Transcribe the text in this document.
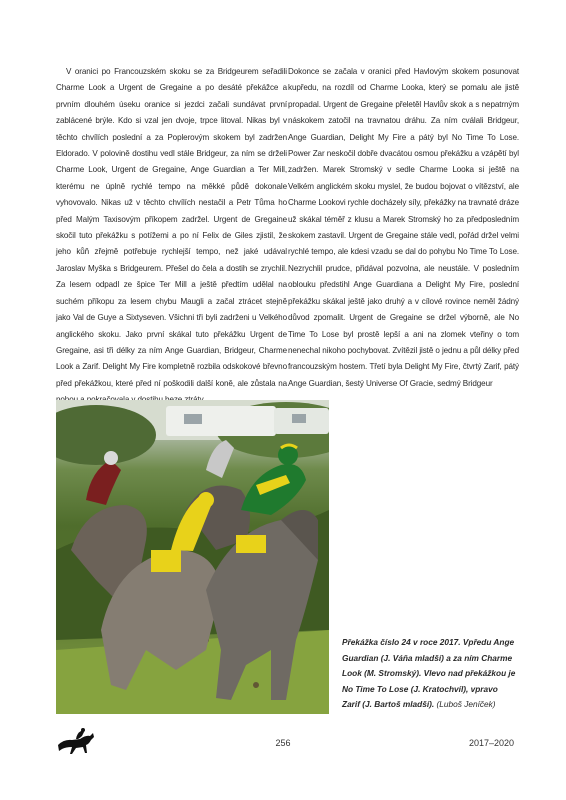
V oranici po Francouzském skoku se za Bridgeurem seřadili Charme Look a Urgent de Gregaine a po desáté překážce a prvním dlouhém úseku oranice si jezdci začali sundávat první zablácené brýle. Kdo si vzal jen dvoje, trpce litoval. Nikas byl v těchto chvílích poslední a za Poplerovým skokem byl zadržen Eldorado. V polovině dostihu vedl stále Bridgeur, za ním se drželi Charme Look, Urgent de Gregaine, Ange Guardian a Ter Mill, kterému ne úplně rychlé tempo na měkké půdě dokonale vyhovovalo. Nikas už v těchto chvílích nestačil a Petr Tůma ho před Malým Taxisovým příkopem zadržel. Urgent de Gregaine skočil tuto překážku s potížemi a po ní Felix de Giles zjistil, že jeho kůň zřejmě potřebuje rychlejší tempo, než jaké udával Jaroslav Myška s Bridgeurem. Přešel do čela a dostih se zrychlil. Za lesem odpadl ze špice Ter Mill a ještě předtím udělal na suchém příkopu za lesem chybu Maugli a začal ztrácet stejně jako Val de Guye a Sixtyseven. Všichni tři byli zadrženi u Velkého anglického skoku. Jako první skákal tuto překážku Urgent de Gregaine, asi tři délky za ním Ange Guardian, Bridgeur, Charme Look a Zarif. Delight My Fire kompletně rozbila odskokové břevno před překážkou, které před ní poškodili další koně, ale zůstala na

Dokonce se začala v oranici před Havlovým skokem posunovat kupředu, na rozdíl od Charme Looka, který se pomalu ale jistě propadal. Urgent de Gregaine přeletěl Havlův skok a s nepatrným náskokem zatočil na travnatou dráhu. Za ním cválali Bridgeur, Ange Guardian, Delight My Fire a pátý byl No Time To Lose. Power Zar neskočil dobře dvacátou osmou překážku a vzápětí byl zadržen. Marek Stromský v sedle Charme Looka si ještě na Velkém anglickém skoku myslel, že budou bojovat o vítězství, ale Charme Lookovi rychle docházely síly, překážky na travnaté dráze už skákal téměř z klusu a Marek Stromský ho za předposledním skokem zastavil. Urgent de Gregaine stále vedl, pořád držel velmi rychlé tempo, ale kdesi vzadu se dal do pohybu No Time To Lose. Nezrychlil prudce, přidával pozvolna, ale neustále. V posledním oblouku předstihl Ange Guardiana a Delight My Fire, poslední překážku skákal ještě jako druhý a v cílové rovince neměl žádný důvod zpomalit. Urgent de Gregaine se držel výborně, ale No Time To Lose byl prostě lepší a ani na zlomek vteřiny o tom nenechal nikoho pochybovat. Zvítězil jistě o jednu a půl délky před francouzským hostem. Třetí byla Delight My Fire, čtvrtý Zarif, pátý Ange Guardian, šestý Universe Of Gracie, sedmý Bridgeur

Překážka číslo 24 v roce 2017. Vpředu Ange Guardian (J. Váňa mladší) a za ním Charme Look (M. Stromský). Vlevo nad překážkou je No Time To Lose (J. Kratochvíl), vpravo Zarif (J. Bartoš mladší). (Luboš Jeníček)
256	2017–2020
